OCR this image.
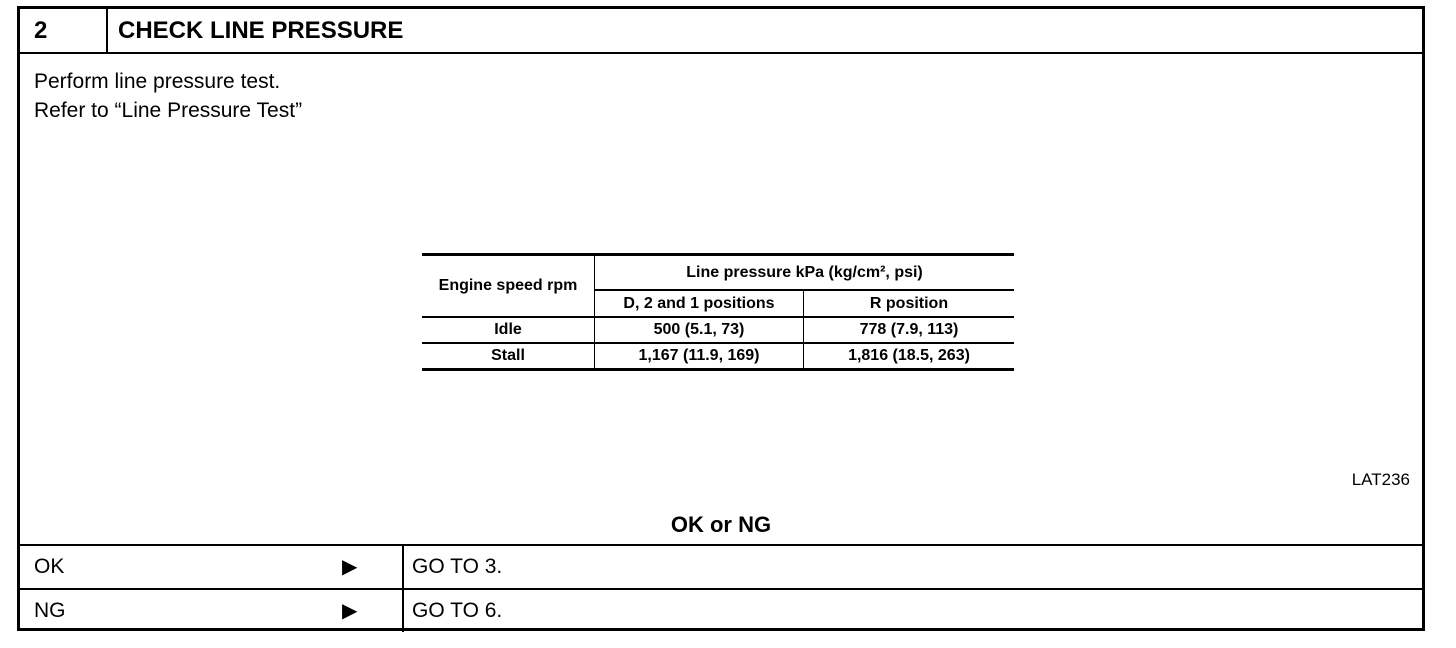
2	CHECK LINE PRESSURE
Perform line pressure test.
Refer to “Line Pressure Test”
Engine speed rpm	Line pressure kPa (kg/cm², psi)	
	D, 2 and 1 positions	R position
Idle	500 (5.1, 73)	778 (7.9, 113)
Stall	1,167 (11.9, 169)	1,816 (18.5, 263)
LAT236
OK or NG
OK	▶	GO TO 3.
NG	▶	GO TO 6.
